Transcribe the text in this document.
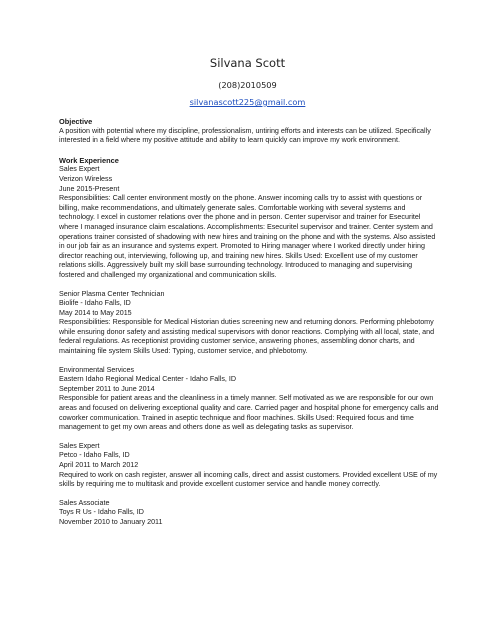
Silvana Scott
(208)2010509
silvanascott225@gmail.com

Objective

A position with potential where my discipline, professionalism, untiring efforts and interests can be utilized. Specifically interested in a field where my positive attitude and ability to learn quickly can improve my work environment.

Work Experience

Sales Expert

Verizon Wireless

June 2015-Present

Responsibilities: Call center environment mostly on the phone. Answer incoming calls try to assist with questions or billing, make recommendations, and ultimately generate sales. Comfortable working with several systems and technology. I excel in customer relations over the phone and in person. Center supervisor and trainer for Esecuritel where I managed insurance claim escalations. Accomplishments: Esecuritel supervisor and trainer. Center system and operations trainer consisted of shadowing with new hires and training on the phone and with the systems. Also assisted in our job fair as an insurance and systems expert. Promoted to Hiring manager where I worked directly under hiring director reaching out, interviewing, following up, and training new hires. Skills Used: Excellent use of my customer relations skills. Aggressively built my skill base surrounding technology. Introduced to managing and supervising fostered and challenged my organizational and communication skills.

Senior Plasma Center Technician

Biolife - Idaho Falls, ID

May 2014 to May 2015

Responsibilities: Responsible for Medical Historian duties screening new and returning donors. Performing phlebotomy while ensuring donor safety and assisting medical supervisors with donor reactions. Complying with all local, state, and federal regulations. As receptionist providing customer service, answering phones, assembling donor charts, and maintaining file system Skills Used: Typing, customer service, and phlebotomy.

Environmental Services

Eastern Idaho Regional Medical Center - Idaho Falls, ID

September 2011 to June 2014

Responsible for patient areas and the cleanliness in a timely manner. Self motivated as we are responsible for our own areas and focused on delivering exceptional quality and care. Carried pager and hospital phone for emergency calls and coworker communication. Trained in aseptic technique and floor machines. Skills Used: Required focus and time management to get my own areas and others done as well as delegating tasks as supervisor.

Sales Expert

Petco - Idaho Falls, ID

April 2011 to March 2012

Required to work on cash register, answer all incoming calls, direct and assist customers. Provided excellent USE of my skills by requiring me to multitask and provide excellent customer service and handle money correctly.

Sales Associate

Toys R Us - Idaho Falls, ID

November 2010 to January 2011
